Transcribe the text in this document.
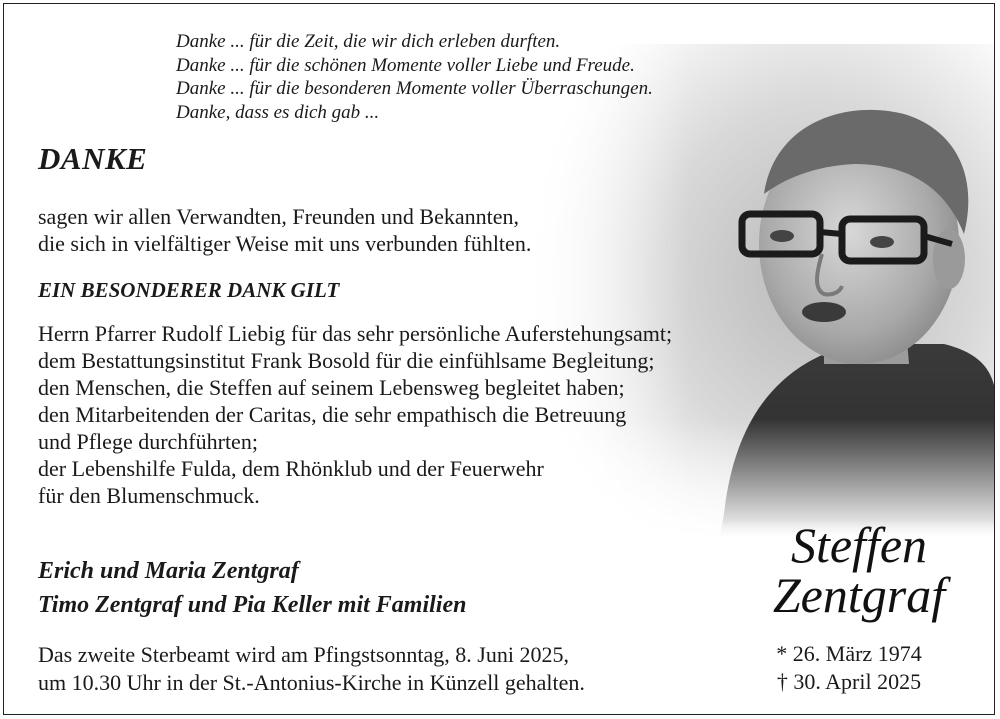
Danke ... für die Zeit, die wir dich erleben durften.
Danke ... für die schönen Momente voller Liebe und Freude.
Danke ... für die besonderen Momente voller Überraschungen.
Danke, dass es dich gab ...
DANKE
sagen wir allen Verwandten, Freunden und Bekannten,
die sich in vielfältiger Weise mit uns verbunden fühlten.
EIN BESONDERER DANK GILT
Herrn Pfarrer Rudolf Liebig für das sehr persönliche Auferstehungsamt;
dem Bestattungsinstitut Frank Bosold für die einfühlsame Begleitung;
den Menschen, die Steffen auf seinem Lebensweg begleitet haben;
den Mitarbeitenden der Caritas, die sehr empathisch die Betreuung
und Pflege durchführten;
der Lebenshilfe Fulda, dem Rhönklub und der Feuerwehr
für den Blumenschmuck.
Erich und Maria Zentgraf
Timo Zentgraf und Pia Keller mit Familien
Das zweite Sterbeamt wird am Pfingstsonntag, 8. Juni 2025,
um 10.30 Uhr in der St.-Antonius-Kirche in Künzell gehalten.
Steffen
Zentgraf
* 26. März 1974
† 30. April 2025
